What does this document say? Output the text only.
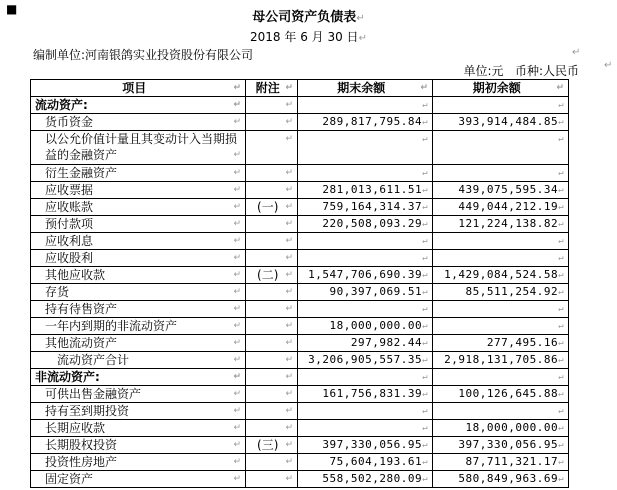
■
母公司资产负债表↵
2018 年 6 月 30 日↵
编制单位:河南银鸽实业投资股份有限公司	↵
单位:元 币种:人民币	↵
项目 ↵	附注 ↵	期末余额 ↵	期初余额 ↵

流动资产: ↵	↵	↵	↵

货币资金 ↵	↵	289,817,795.84 ↵	393,914,484.85 ↵

以公允价值计量且其变动计入当期损益的金融资产 ↵	↵	↵	↵

衍生金融资产 ↵	↵	↵	↵

应收票据 ↵	↵	281,013,611.51 ↵	439,075,595.34 ↵

应收账款 ↵	(一) ↵	759,164,314.37 ↵	449,044,212.19 ↵

预付款项 ↵	↵	220,508,093.29 ↵	121,224,138.82 ↵

应收利息 ↵	↵	↵	↵

应收股利 ↵	↵	↵	↵

其他应收款 ↵	(二) ↵	1,547,706,690.39 ↵	1,429,084,524.58 ↵

存货 ↵	↵	90,397,069.51 ↵	85,511,254.92 ↵

持有待售资产 ↵	↵	↵	↵

一年内到期的非流动资产 ↵	↵	18,000,000.00 ↵	↵

其他流动资产 ↵	↵	297,982.44 ↵	277,495.16 ↵

流动资产合计 ↵	↵	3,206,905,557.35 ↵	2,918,131,705.86 ↵

非流动资产: ↵	↵	↵	↵

可供出售金融资产 ↵	↵	161,756,831.39 ↵	100,126,645.88 ↵

持有至到期投资 ↵	↵	↵	↵

长期应收款 ↵	↵	↵	18,000,000.00 ↵

长期股权投资 ↵	(三) ↵	397,330,056.95 ↵	397,330,056.95 ↵

投资性房地产 ↵	↵	75,604,193.61 ↵	87,711,321.17 ↵

固定资产 ↵	↵	558,502,280.09 ↵	580,849,963.69 ↵
